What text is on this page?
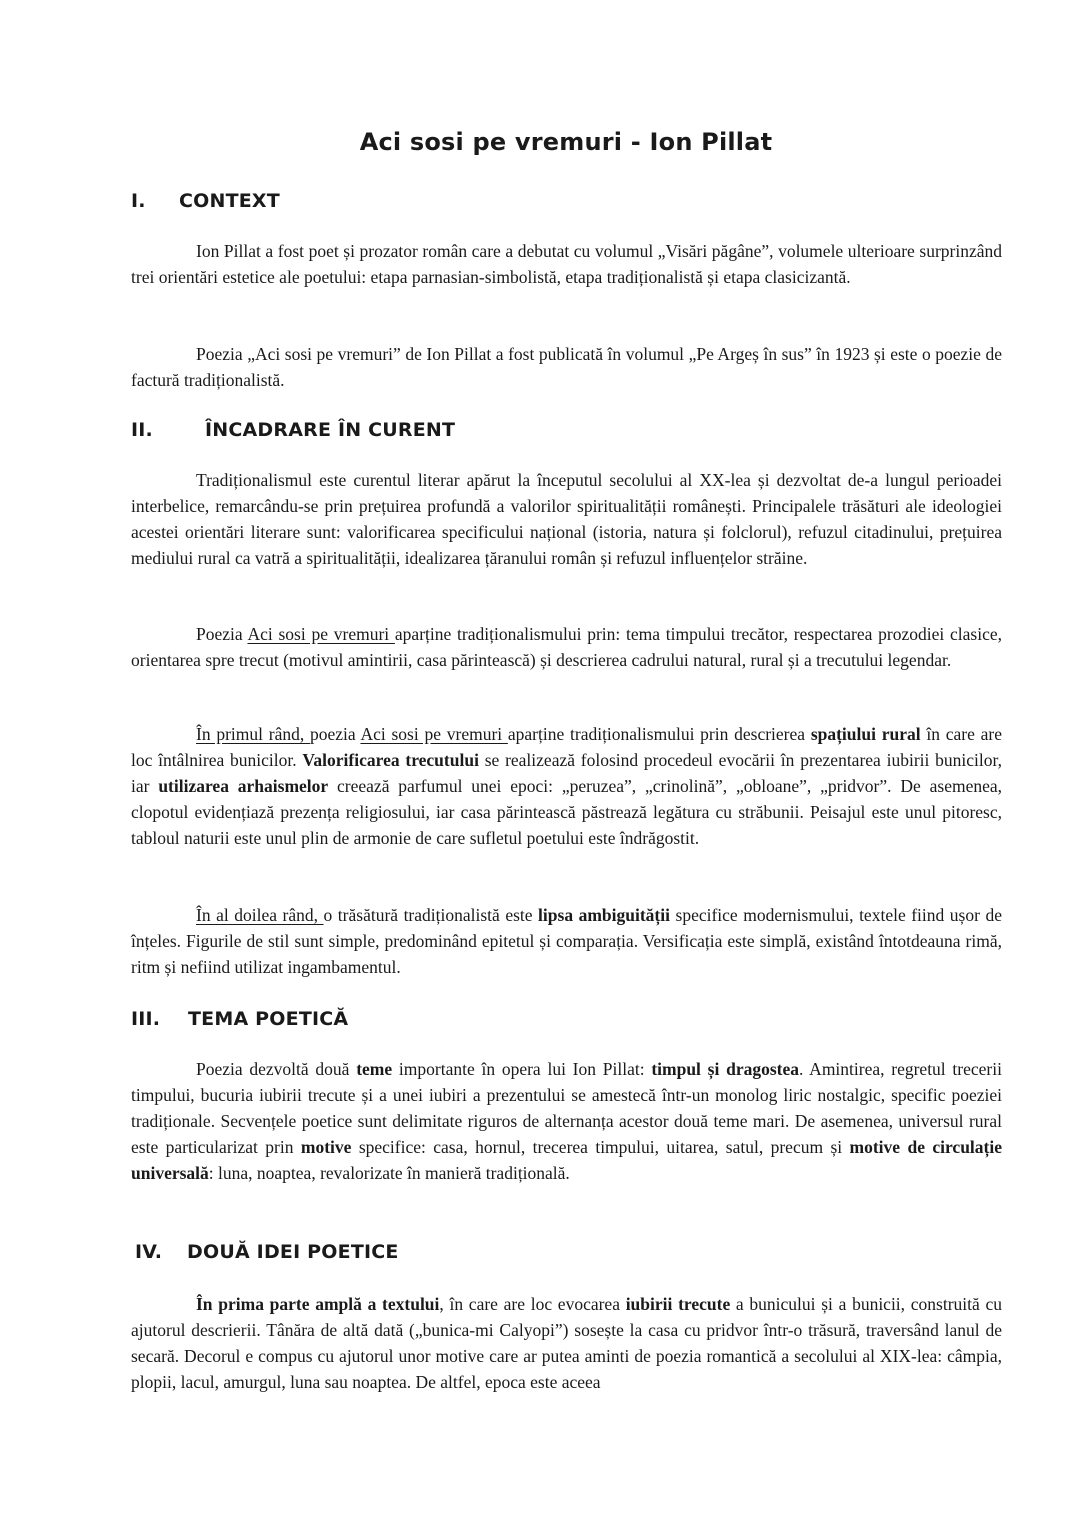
Aci sosi pe vremuri - Ion Pillat
I.	CONTEXT

Ion Pillat a fost poet și prozator român care a debutat cu volumul „Visări păgâne”, volumele ulterioare surprinzând trei orientări estetice ale poetului: etapa parnasian-simbolistă, etapa tradiționalistă și etapa clasicizantă.

Poezia „Aci sosi pe vremuri” de Ion Pillat a fost publicată în volumul „Pe Argeș în sus” în 1923 și este o poezie de factură tradiționalistă.

II.	ÎNCADRARE ÎN CURENT

Tradiționalismul este curentul literar apărut la începutul secolului al XX-lea și dezvoltat de-a lungul perioadei interbelice, remarcându-se prin prețuirea profundă a valorilor spiritualității românești. Principalele trăsături ale ideologiei acestei orientări literare sunt: valorificarea specificului național (istoria, natura și folclorul), refuzul citadinului, prețuirea mediului rural ca vatră a spiritualității, idealizarea țăranului român și refuzul influențelor străine.

Poezia Aci sosi pe vremuri aparține tradiționalismului prin: tema timpului trecător, respectarea prozodiei clasice, orientarea spre trecut (motivul amintirii, casa părintească) și descrierea cadrului natural, rural și a trecutului legendar.

În primul rând, poezia Aci sosi pe vremuri aparține tradiționalismului prin descrierea spațiului rural în care are loc întâlnirea bunicilor. Valorificarea trecutului se realizează folosind procedeul evocării în prezentarea iubirii bunicilor, iar utilizarea arhaismelor creează parfumul unei epoci: „peruzea”, „crinolină”, „obloane”, „pridvor”. De asemenea, clopotul evidențiază prezența religiosului, iar casa părintească păstrează legătura cu străbunii. Peisajul este unul pitoresc, tabloul naturii este unul plin de armonie de care sufletul poetului este îndrăgostit.

În al doilea rând, o trăsătură tradiționalistă este lipsa ambiguității specifice modernismului, textele fiind ușor de înțeles. Figurile de stil sunt simple, predominând epitetul și comparația. Versificația este simplă, existând întotdeauna rimă, ritm și nefiind utilizat ingambamentul.

III.	TEMA POETICĂ

Poezia dezvoltă două teme importante în opera lui Ion Pillat: timpul și dragostea. Amintirea, regretul trecerii timpului, bucuria iubirii trecute și a unei iubiri a prezentului se amestecă într-un monolog liric nostalgic, specific poeziei tradiționale. Secvențele poetice sunt delimitate riguros de alternanța acestor două teme mari. De asemenea, universul rural este particularizat prin motive specifice: casa, hornul, trecerea timpului, uitarea, satul, precum și motive de circulație universală: luna, noaptea, revalorizate în manieră tradițională.

IV.	DOUĂ IDEI POETICE

În prima parte amplă a textului, în care are loc evocarea iubirii trecute a bunicului și a bunicii, construită cu ajutorul descrierii. Tânăra de altă dată („bunica-mi Calyopi”) sosește la casa cu pridvor într-o trăsură, traversând lanul de secară. Decorul e compus cu ajutorul unor motive care ar putea aminti de poezia romantică a secolului al XIX-lea: câmpia, plopii, lacul, amurgul, luna sau noaptea. De altfel, epoca este aceea
